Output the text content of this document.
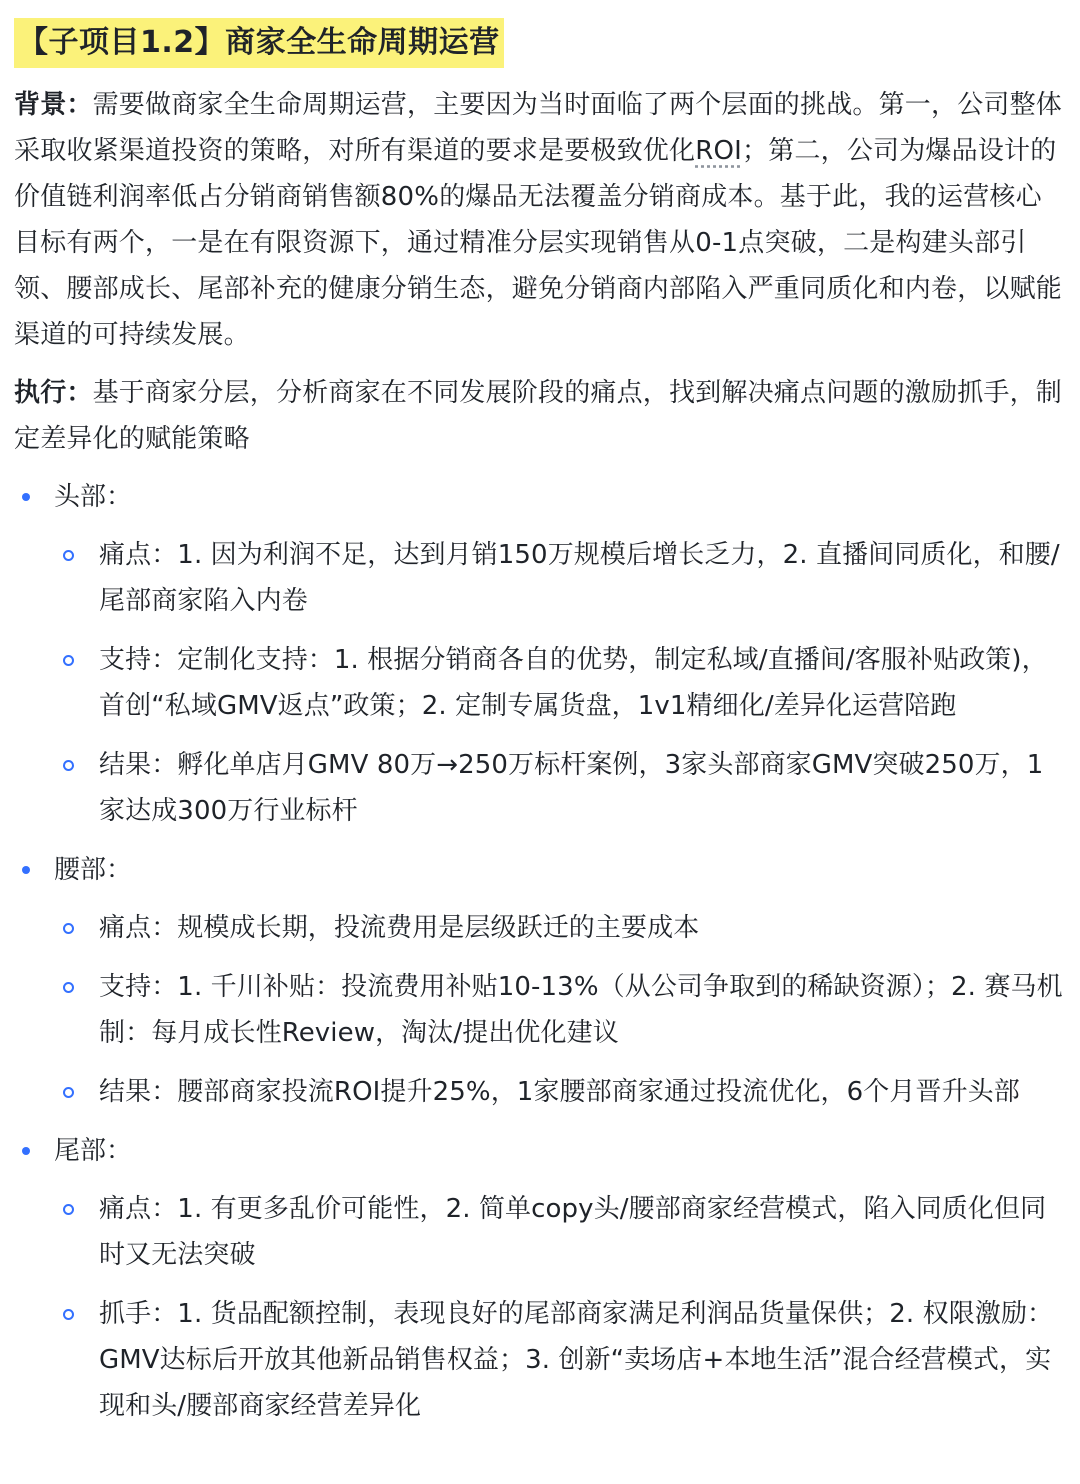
【子项目1.2】商家全生命周期运营

背景：需要做商家全生命周期运营，主要因为当时面临了两个层面的挑战。第一，公司整体采取收紧渠道投资的策略，对所有渠道的要求是要极致优化ROI；第二，公司为爆品设计的价值链利润率低占分销商销售额80%的爆品无法覆盖分销商成本。基于此，我的运营核心目标有两个，一是在有限资源下，通过精准分层实现销售从0-1点突破，二是构建头部引领、腰部成长、尾部补充的健康分销生态，避免分销商内部陷入严重同质化和内卷，以赋能渠道的可持续发展。

执行：基于商家分层，分析商家在不同发展阶段的痛点，找到解决痛点问题的激励抓手，制定差异化的赋能策略

头部：
痛点：1. 因为利润不足，达到月销150万规模后增长乏力，2. 直播间同质化，和腰/尾部商家陷入内卷
支持：定制化支持：1. 根据分销商各自的优势，制定私域/直播间/客服补贴政策)，首创“私域GMV返点”政策；2. 定制专属货盘，1v1精细化/差异化运营陪跑
结果：孵化单店月GMV 80万→250万标杆案例，3家头部商家GMV突破250万，1家达成300万行业标杆
腰部：
痛点：规模成长期，投流费用是层级跃迁的主要成本
支持：1. 千川补贴：投流费用补贴10-13%（从公司争取到的稀缺资源）；2. 赛马机制：每月成长性Review，淘汰/提出优化建议
结果：腰部商家投流ROI提升25%，1家腰部商家通过投流优化，6个月晋升头部
尾部：
痛点：1. 有更多乱价可能性，2. 简单copy头/腰部商家经营模式，陷入同质化但同时又无法突破
抓手：1. 货品配额控制，表现良好的尾部商家满足利润品货量保供；2. 权限激励：GMV达标后开放其他新品销售权益；3. 创新“卖场店+本地生活”混合经营模式，实现和头/腰部商家经营差异化
